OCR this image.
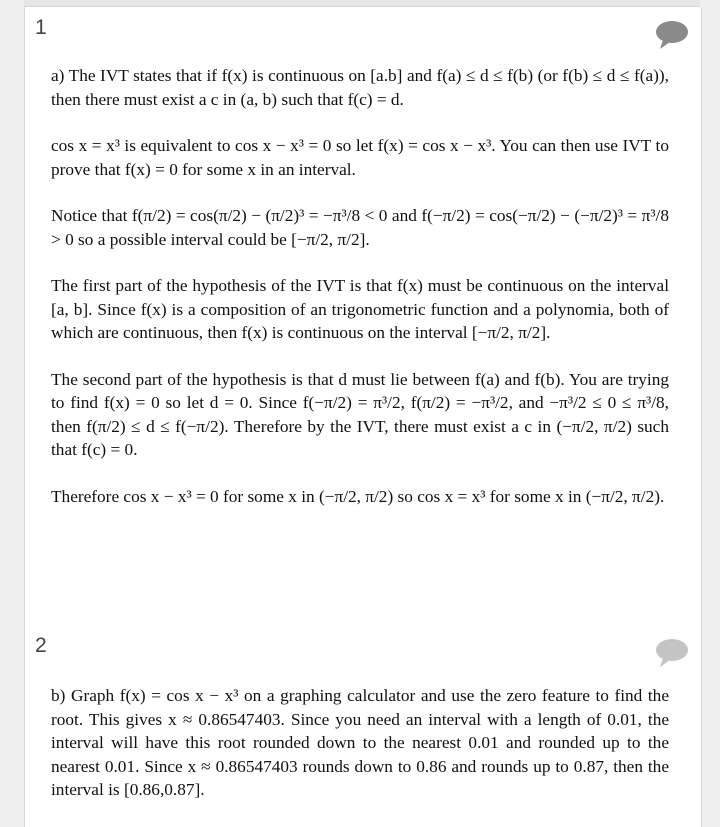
1

a) The IVT states that if f(x) is continuous on [a.b] and f(a) ≤ d ≤ f(b) (or f(b) ≤ d ≤ f(a)), then there must exist a c in (a, b) such that f(c) = d.

cos x = x³ is equivalent to cos x − x³ = 0 so let f(x) = cos x − x³. You can then use IVT to prove that f(x) = 0 for some x in an interval.

Notice that f(π/2) = cos(π/2) − (π/2)³ = −π³/8 < 0 and f(−π/2) = cos(−π/2) − (−π/2)³ = π³/8 > 0 so a possible interval could be [−π/2, π/2].

The first part of the hypothesis of the IVT is that f(x) must be continuous on the interval [a, b]. Since f(x) is a composition of an trigonometric function and a polynomia, both of which are continuous, then f(x) is continuous on the interval [−π/2, π/2].

The second part of the hypothesis is that d must lie between f(a) and f(b). You are trying to find f(x) = 0 so let d = 0. Since f(−π/2) = π³/2, f(π/2) = −π³/2, and −π³/2 ≤ 0 ≤ π³/8, then f(π/2) ≤ d ≤ f(−π/2). Therefore by the IVT, there must exist a c in (−π/2, π/2) such that f(c) = 0.

Therefore cos x − x³ = 0 for some x in (−π/2, π/2) so cos x = x³ for some x in (−π/2, π/2).

2

b) Graph f(x) = cos x − x³ on a graphing calculator and use the zero feature to find the root. This gives x ≈ 0.86547403. Since you need an interval with a length of 0.01, the interval will have this root rounded down to the nearest 0.01 and rounded up to the nearest 0.01. Since x ≈ 0.86547403 rounds down to 0.86 and rounds up to 0.87, then the interval is [0.86,0.87].
